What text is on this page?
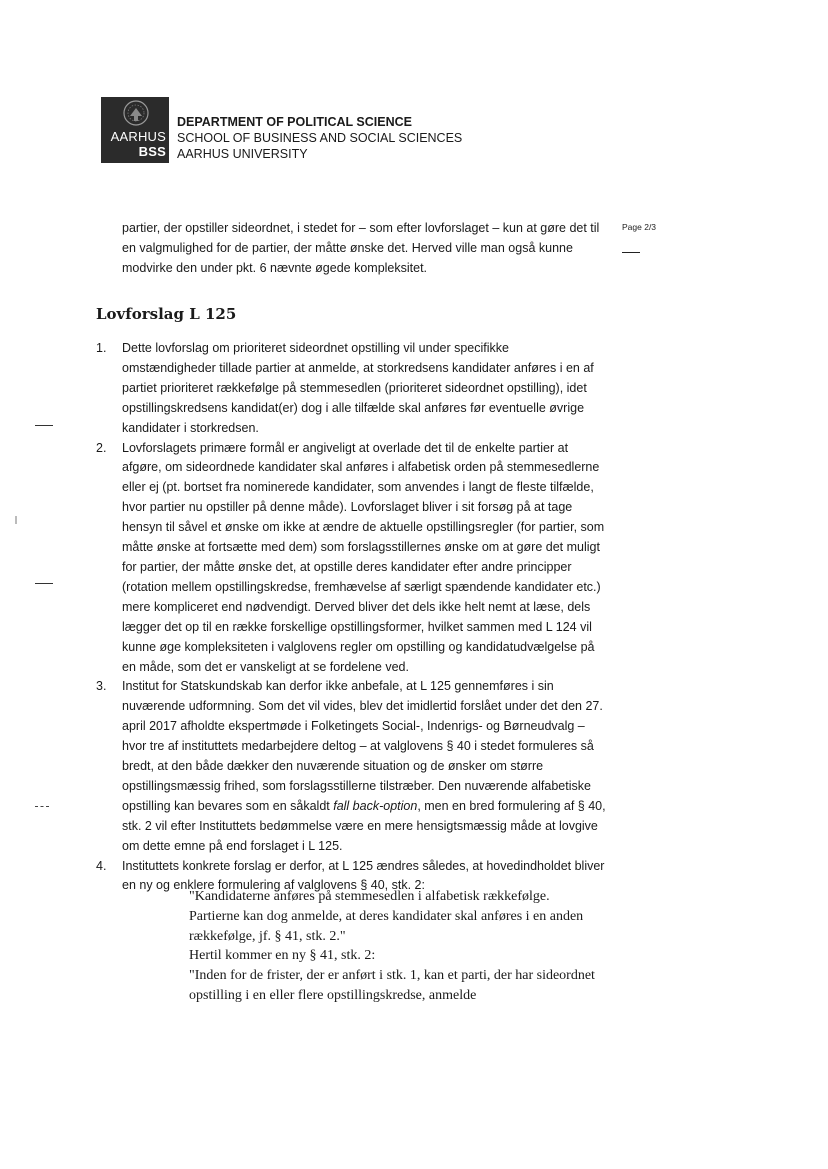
AARHUS
BSS
DEPARTMENT OF POLITICAL SCIENCE
SCHOOL OF BUSINESS AND SOCIAL SCIENCES
AARHUS UNIVERSITY
Page 2/3

partier, der opstiller sideordnet, i stedet for – som efter lovforslaget – kun at gøre det til en valgmulighed for de partier, der måtte ønske det. Herved ville man også kunne modvirke den under pkt. 6 nævnte øgede kompleksitet.

Lovforslag L 125
1. Dette lovforslag om prioriteret sideordnet opstilling vil under specifikke omstændigheder tillade partier at anmelde, at storkredsens kandidater anføres i en af partiet prioriteret rækkefølge på stemmesedlen (prioriteret sideordnet opstilling), idet opstillingskredsens kandidat(er) dog i alle tilfælde skal anføres før eventuelle øvrige kandidater i storkredsen.
2. Lovforslagets primære formål er angiveligt at overlade det til de enkelte partier at afgøre, om sideordnede kandidater skal anføres i alfabetisk orden på stemmesedlerne eller ej (pt. bortset fra nominerede kandidater, som anvendes i langt de fleste tilfælde, hvor partier nu opstiller på denne måde). Lovforslaget bliver i sit forsøg på at tage hensyn til såvel et ønske om ikke at ændre de aktuelle opstillingsregler (for partier, som måtte ønske at fortsætte med dem) som forslagsstillernes ønske om at gøre det muligt for partier, der måtte ønske det, at opstille deres kandidater efter andre principper (rotation mellem opstillingskredse, fremhævelse af særligt spændende kandidater etc.) mere kompliceret end nødvendigt. Derved bliver det dels ikke helt nemt at læse, dels lægger det op til en række forskellige opstillingsformer, hvilket sammen med L 124 vil kunne øge kompleksiteten i valglovens regler om opstilling og kandidatudvælgelse på en måde, som det er vanskeligt at se fordelene ved.
3. Institut for Statskundskab kan derfor ikke anbefale, at L 125 gennemføres i sin nuværende udformning. Som det vil vides, blev det imidlertid forslået under det den 27. april 2017 afholdte ekspertmøde i Folketingets Social-, Indenrigs- og Børneudvalg – hvor tre af instituttets medarbejdere deltog – at valglovens § 40 i stedet formuleres så bredt, at den både dækker den nuværende situation og de ønsker om større opstillingsmæssig frihed, som forslagsstillerne tilstræber. Den nuværende alfabetiske opstilling kan bevares som en såkaldt fall back-option, men en bred formulering af § 40, stk. 2 vil efter Instituttets bedømmelse være en mere hensigtsmæssig måde at lovgive om dette emne på end forslaget i L 125.
4. Instituttets konkrete forslag er derfor, at L 125 ændres således, at hovedindholdet bliver en ny og enklere formulering af valglovens § 40, stk. 2:

"Kandidaterne anføres på stemmesedlen i alfabetisk rækkefølge. Partierne kan dog anmelde, at deres kandidater skal anføres i en anden rækkefølge, jf. § 41, stk. 2."

Hertil kommer en ny § 41, stk. 2:

"Inden for de frister, der er anført i stk. 1, kan et parti, der har sideordnet opstilling i en eller flere opstillingskredse, anmelde
